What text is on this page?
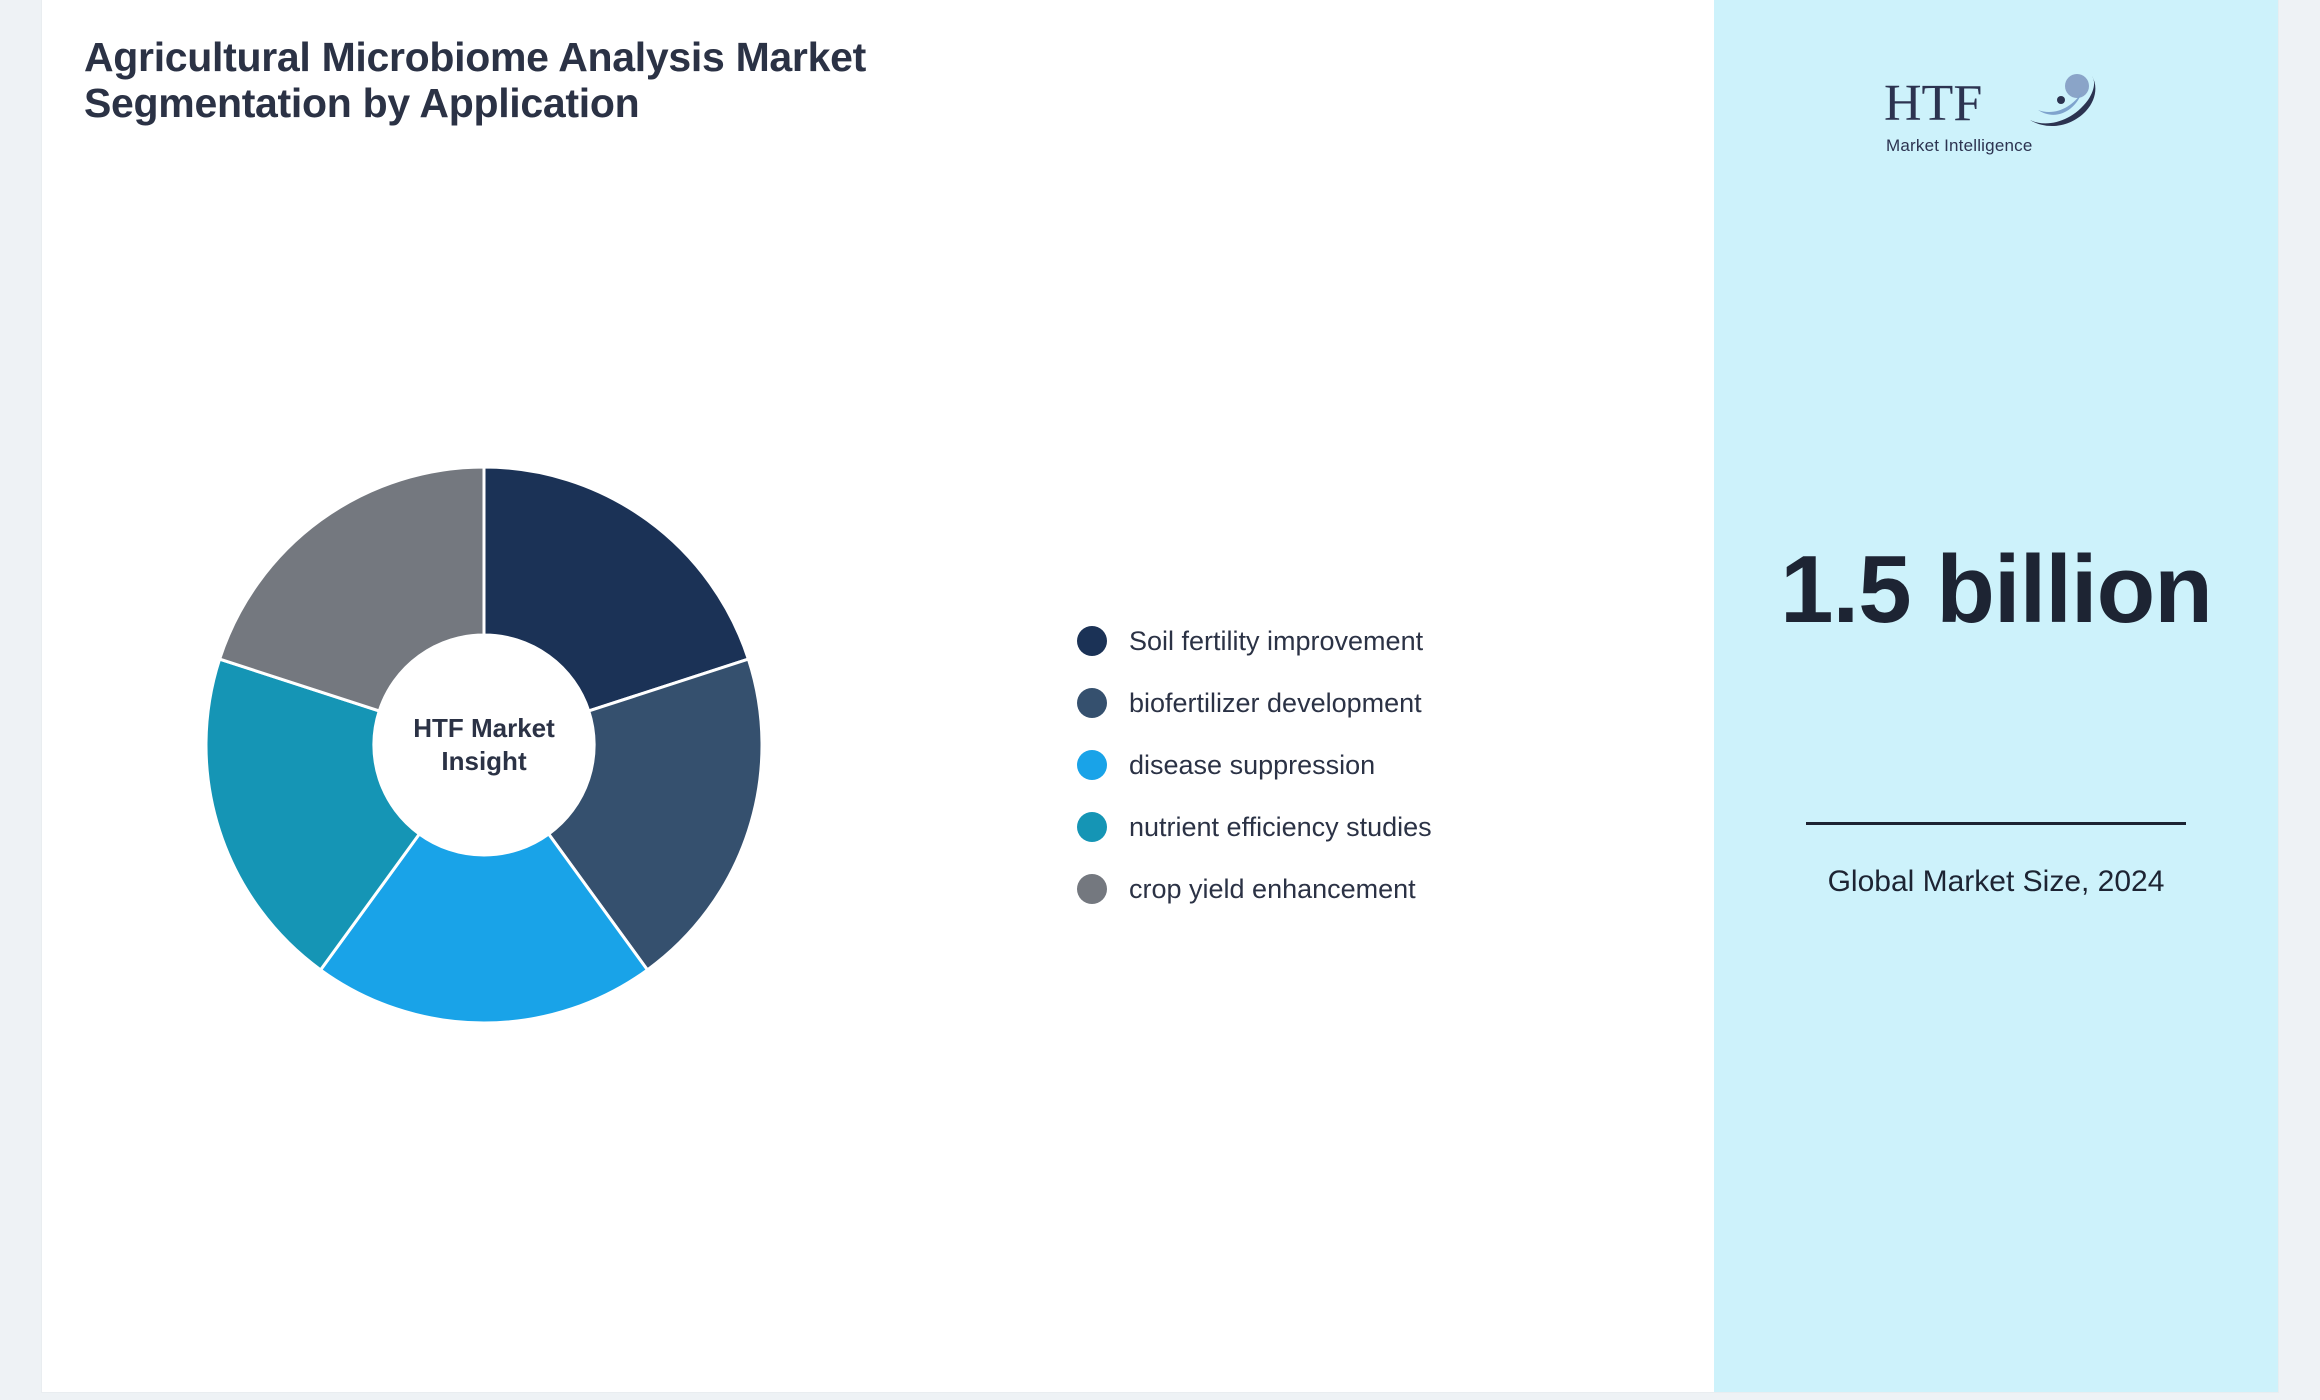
Agricultural Microbiome Analysis Market Segmentation by Application
HTF Market Insight
Soil fertility improvement
biofertilizer development
disease suppression
nutrient efficiency studies
crop yield enhancement
HTF
Market Intelligence
1.5 billion
Global Market Size, 2024
